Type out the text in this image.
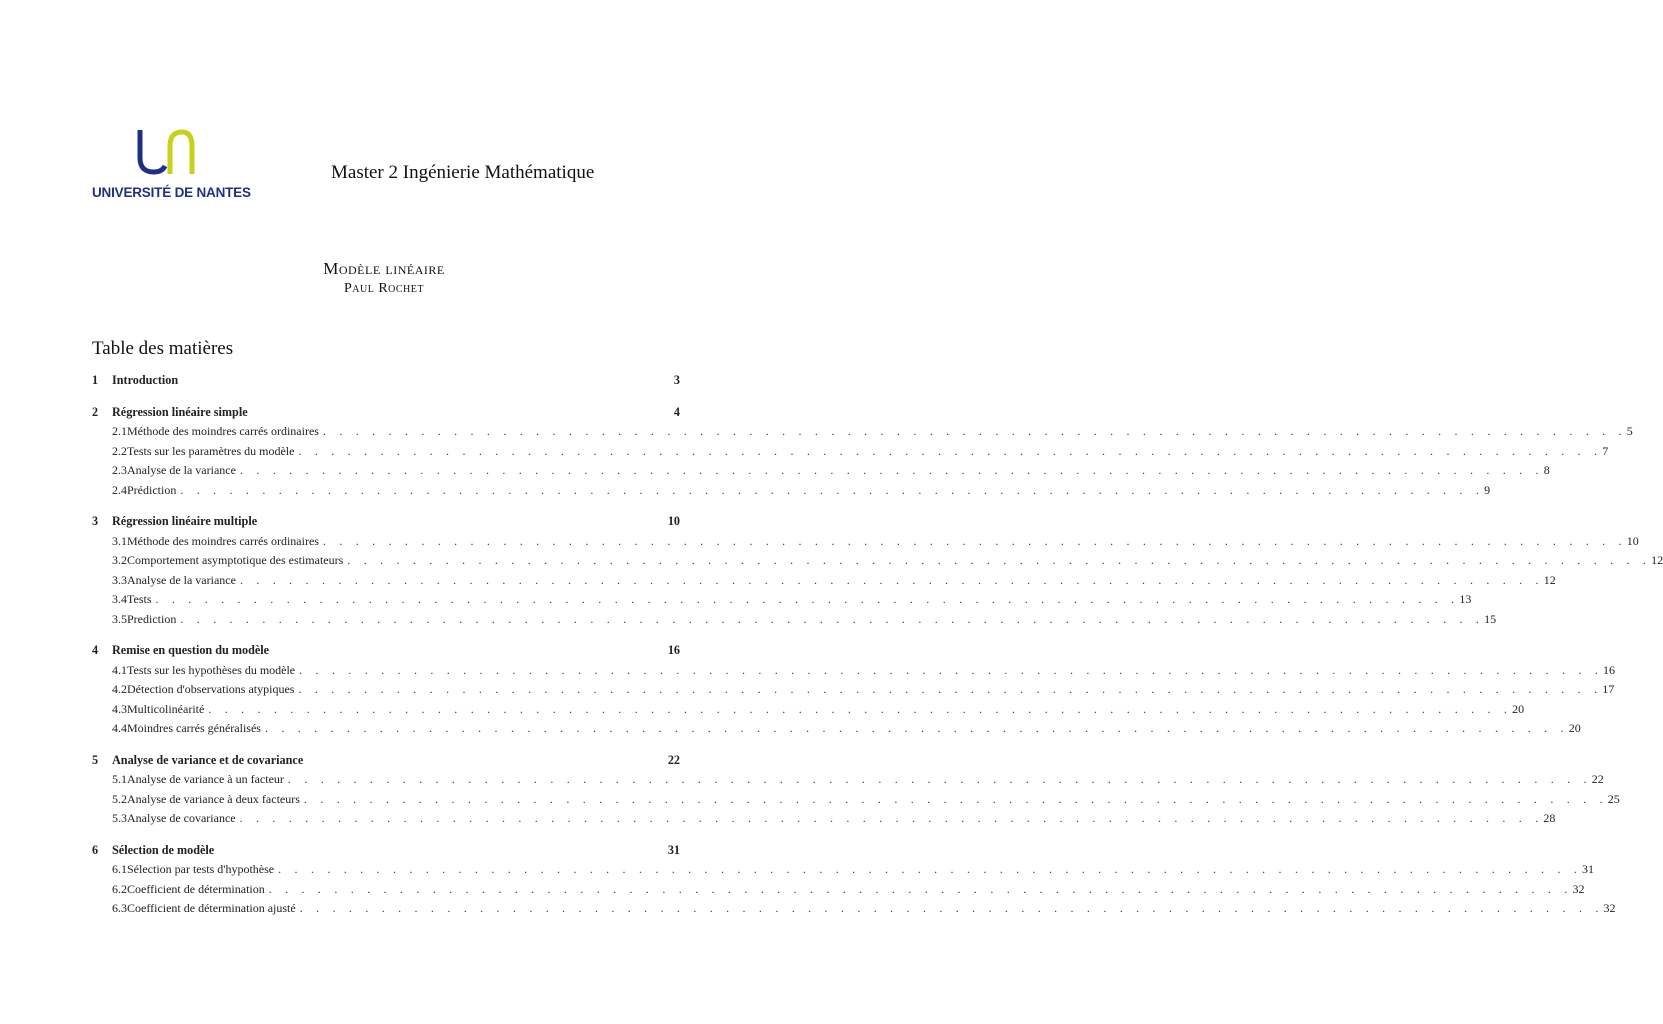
UNIVERSITÉ DE NANTES
Master 2 Ingénierie Mathématique
Modèle linéaire
Paul Rochet
Table des matières
1	Introduction	3
2	Régression linéaire simple	4
2.1 Méthode des moindres carrés ordinaires . . . . . . . . . . . . . . . . . . . . . . . . . . . . . . . . . . . . . . . . . . . . . . . . . . . . . . . . . . . . . . . . . . . . . . . . . . . . . . . . 5
2.2 Tests sur les paramètres du modèle . . . . . . . . . . . . . . . . . . . . . . . . . . . . . . . . . . . . . . . . . . . . . . . . . . . . . . . . . . . . . . . . . . . . . . . . . . . . . . . . 7
2.3 Analyse de la variance . . . . . . . . . . . . . . . . . . . . . . . . . . . . . . . . . . . . . . . . . . . . . . . . . . . . . . . . . . . . . . . . . . . . . . . . . . . . . . . . 8
2.4 Prédiction . . . . . . . . . . . . . . . . . . . . . . . . . . . . . . . . . . . . . . . . . . . . . . . . . . . . . . . . . . . . . . . . . . . . . . . . . . . . . . . . 9
3	Régression linéaire multiple	10
3.1 Méthode des moindres carrés ordinaires . . . . . . . . . . . . . . . . . . . . . . . . . . . . . . . . . . . . . . . . . . . . . . . . . . . . . . . . . . . . . . . . . . . . . . . . . . . . . . . . 10
3.2 Comportement asymptotique des estimateurs . . . . . . . . . . . . . . . . . . . . . . . . . . . . . . . . . . . . . . . . . . . . . . . . . . . . . . . . . . . . . . . . . . . . . . . . . . . . . . . . 12
3.3 Analyse de la variance . . . . . . . . . . . . . . . . . . . . . . . . . . . . . . . . . . . . . . . . . . . . . . . . . . . . . . . . . . . . . . . . . . . . . . . . . . . . . . . . 12
3.4 Tests . . . . . . . . . . . . . . . . . . . . . . . . . . . . . . . . . . . . . . . . . . . . . . . . . . . . . . . . . . . . . . . . . . . . . . . . . . . . . . . . 13
3.5 Prediction . . . . . . . . . . . . . . . . . . . . . . . . . . . . . . . . . . . . . . . . . . . . . . . . . . . . . . . . . . . . . . . . . . . . . . . . . . . . . . . . 15
4	Remise en question du modèle	16
4.1 Tests sur les hypothèses du modèle . . . . . . . . . . . . . . . . . . . . . . . . . . . . . . . . . . . . . . . . . . . . . . . . . . . . . . . . . . . . . . . . . . . . . . . . . . . . . . . . 16
4.2 Détection d'observations atypiques . . . . . . . . . . . . . . . . . . . . . . . . . . . . . . . . . . . . . . . . . . . . . . . . . . . . . . . . . . . . . . . . . . . . . . . . . . . . . . . . 17
4.3 Multicolinéarité . . . . . . . . . . . . . . . . . . . . . . . . . . . . . . . . . . . . . . . . . . . . . . . . . . . . . . . . . . . . . . . . . . . . . . . . . . . . . . . . 20
4.4 Moindres carrés généralisés . . . . . . . . . . . . . . . . . . . . . . . . . . . . . . . . . . . . . . . . . . . . . . . . . . . . . . . . . . . . . . . . . . . . . . . . . . . . . . . . 20
5	Analyse de variance et de covariance	22
5.1 Analyse de variance à un facteur . . . . . . . . . . . . . . . . . . . . . . . . . . . . . . . . . . . . . . . . . . . . . . . . . . . . . . . . . . . . . . . . . . . . . . . . . . . . . . . . 22
5.2 Analyse de variance à deux facteurs . . . . . . . . . . . . . . . . . . . . . . . . . . . . . . . . . . . . . . . . . . . . . . . . . . . . . . . . . . . . . . . . . . . . . . . . . . . . . . . . 25
5.3 Analyse de covariance . . . . . . . . . . . . . . . . . . . . . . . . . . . . . . . . . . . . . . . . . . . . . . . . . . . . . . . . . . . . . . . . . . . . . . . . . . . . . . . . 28
6	Sélection de modèle	31
6.1 Sélection par tests d'hypothèse . . . . . . . . . . . . . . . . . . . . . . . . . . . . . . . . . . . . . . . . . . . . . . . . . . . . . . . . . . . . . . . . . . . . . . . . . . . . . . . . 31
6.2 Coefficient de détermination . . . . . . . . . . . . . . . . . . . . . . . . . . . . . . . . . . . . . . . . . . . . . . . . . . . . . . . . . . . . . . . . . . . . . . . . . . . . . . . . 32
6.3 Coefficient de détermination ajusté . . . . . . . . . . . . . . . . . . . . . . . . . . . . . . . . . . . . . . . . . . . . . . . . . . . . . . . . . . . . . . . . . . . . . . . . . . . . . . . . 32
